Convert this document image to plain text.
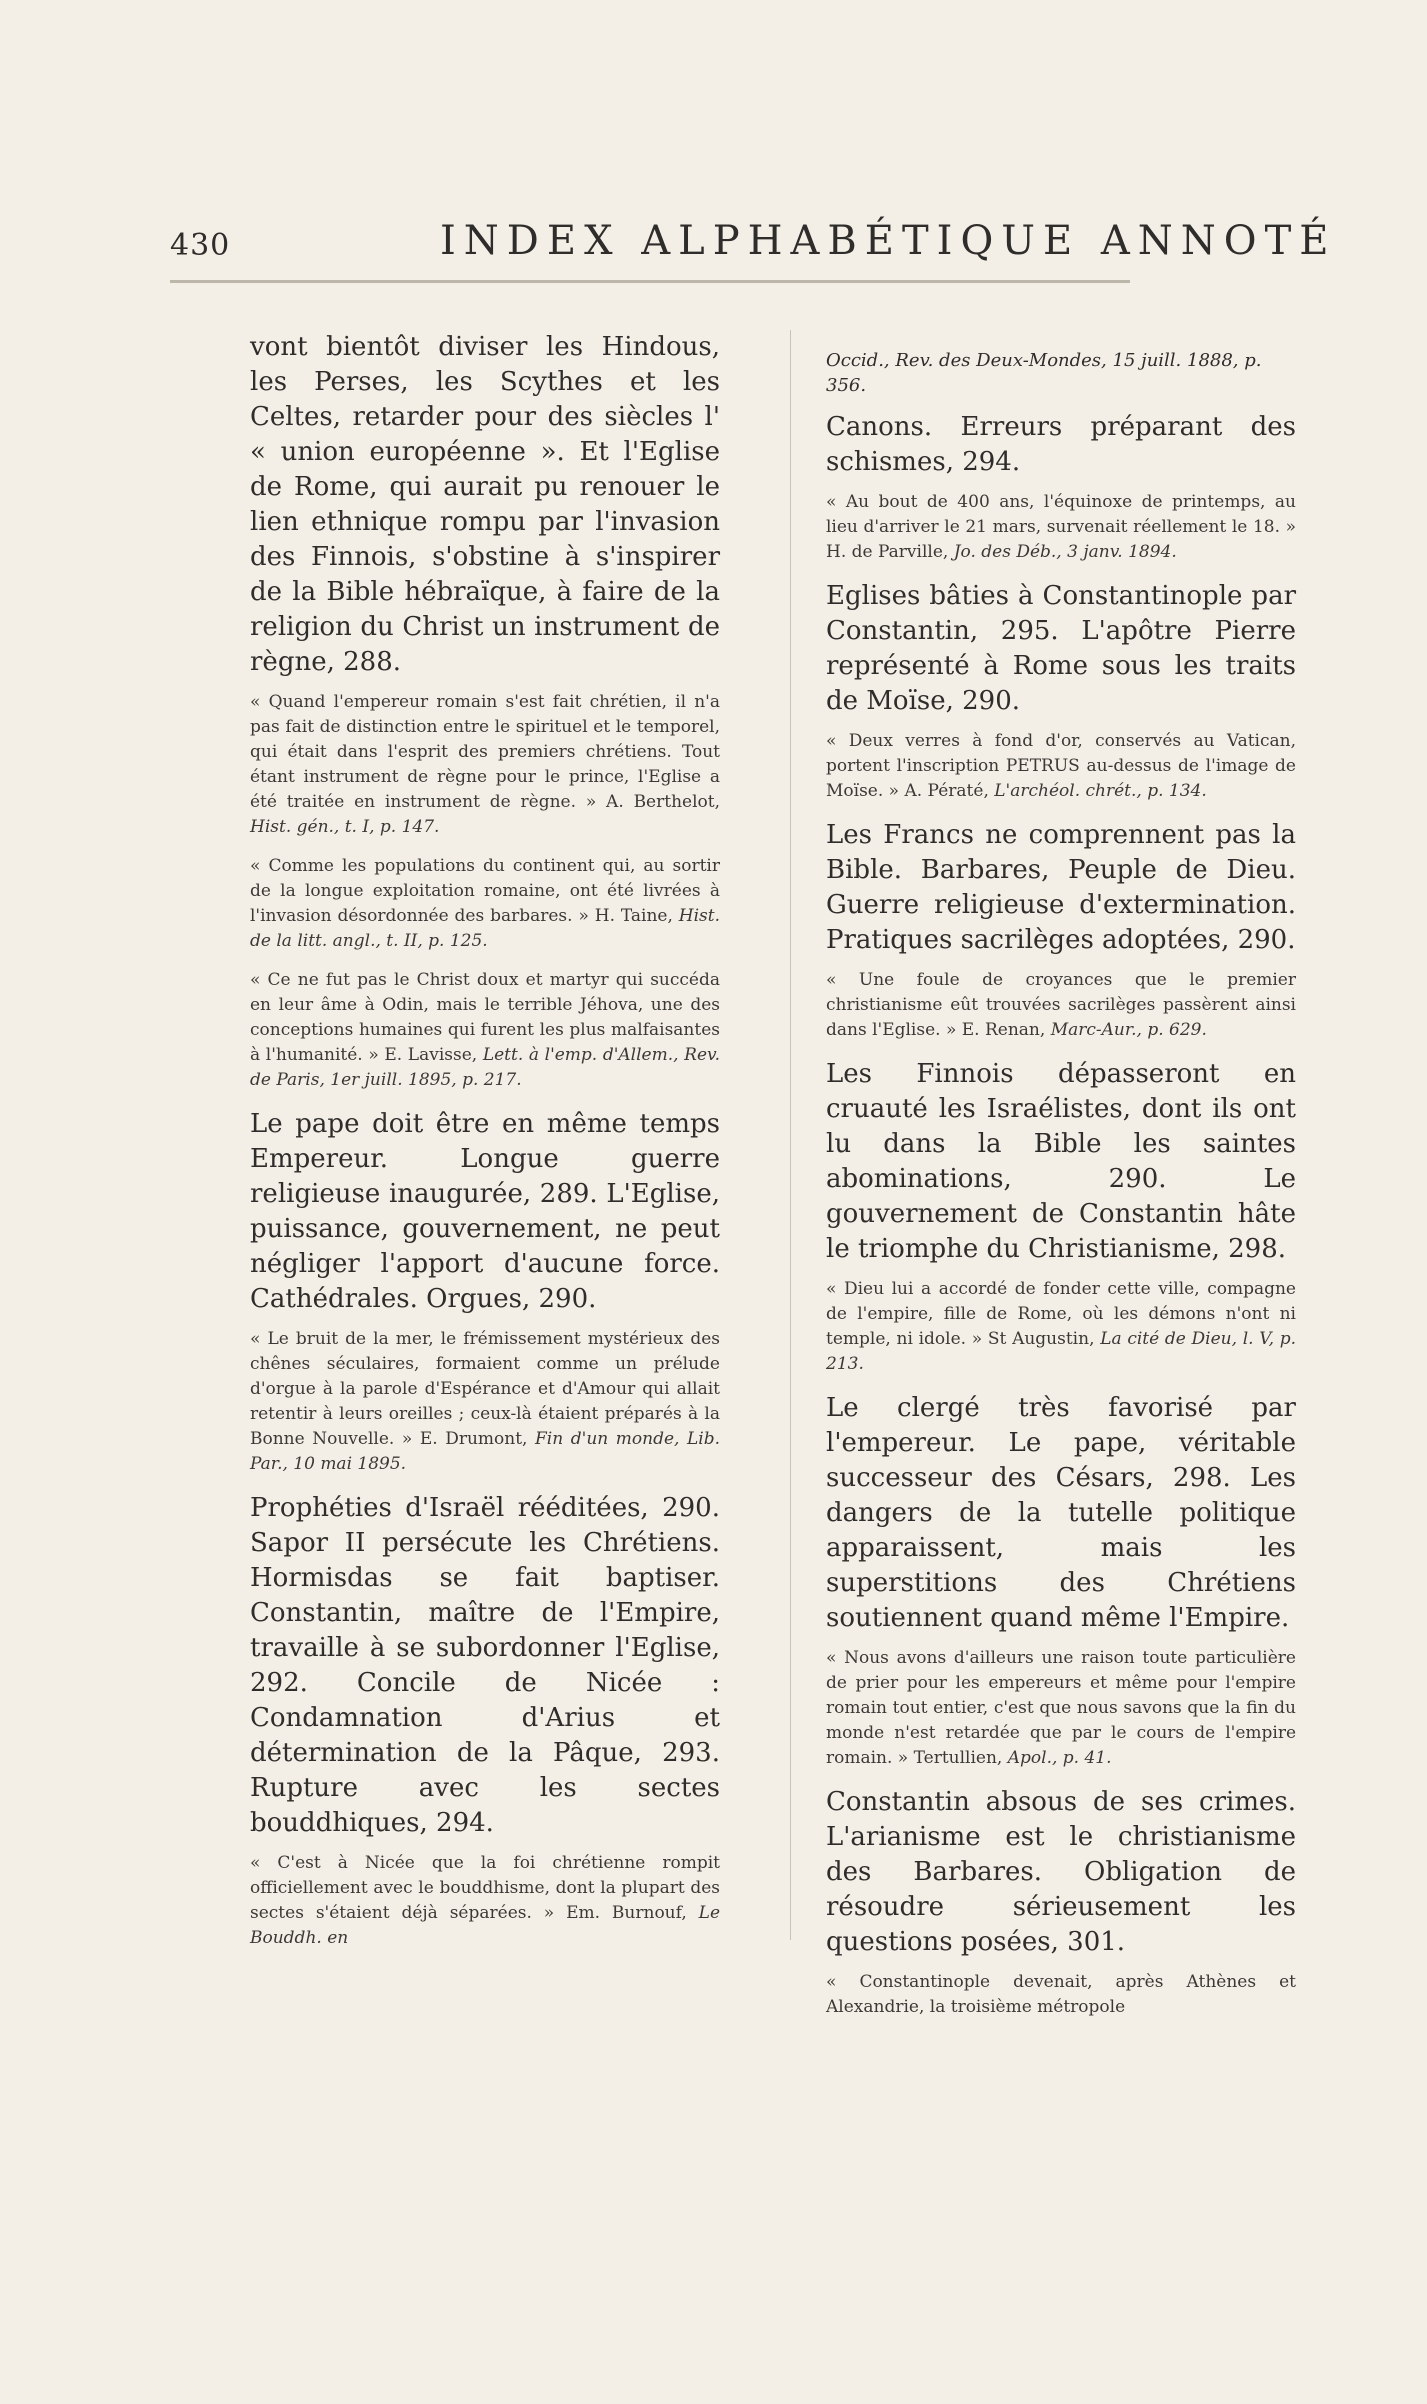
430	INDEX ALPHABÉTIQUE ANNOTÉ

vont bientôt diviser les Hindous, les Perses, les Scythes et les Celtes, retarder pour des siècles l' « union européenne ». Et l'Eglise de Rome, qui aurait pu renouer le lien ethnique rompu par l'invasion des Finnois, s'obstine à s'inspirer de la Bible hébraïque, à faire de la religion du Christ un instrument de règne, 288.

« Quand l'empereur romain s'est fait chrétien, il n'a pas fait de distinction entre le spirituel et le temporel, qui était dans l'esprit des premiers chrétiens. Tout étant instrument de règne pour le prince, l'Eglise a été traitée en instrument de règne. » A. Berthelot, Hist. gén., t. I, p. 147.

« Comme les populations du continent qui, au sortir de la longue exploitation romaine, ont été livrées à l'invasion désordonnée des barbares. » H. Taine, Hist. de la litt. angl., t. II, p. 125.

« Ce ne fut pas le Christ doux et martyr qui succéda en leur âme à Odin, mais le terrible Jéhova, une des conceptions humaines qui furent les plus malfaisantes à l'humanité. » E. Lavisse, Lett. à l'emp. d'Allem., Rev. de Paris, 1er juill. 1895, p. 217.

Le pape doit être en même temps Empereur. Longue guerre religieuse inaugurée, 289. L'Eglise, puissance, gouvernement, ne peut négliger l'apport d'aucune force. Cathédrales. Orgues, 290.

« Le bruit de la mer, le frémissement mystérieux des chênes séculaires, formaient comme un prélude d'orgue à la parole d'Espérance et d'Amour qui allait retentir à leurs oreilles ; ceux-là étaient préparés à la Bonne Nouvelle. » E. Drumont, Fin d'un monde, Lib. Par., 10 mai 1895.

Prophéties d'Israël rééditées, 290. Sapor II persécute les Chrétiens. Hormisdas se fait baptiser. Constantin, maître de l'Empire, travaille à se subordonner l'Eglise, 292. Concile de Nicée : Condamnation d'Arius et détermination de la Pâque, 293. Rupture avec les sectes bouddhiques, 294.

« C'est à Nicée que la foi chrétienne rompit officiellement avec le bouddhisme, dont la plupart des sectes s'étaient déjà séparées. » Em. Burnouf, Le Bouddh. en

Occid., Rev. des Deux-Mondes, 15 juill. 1888, p. 356.

Canons. Erreurs préparant des schismes, 294.

« Au bout de 400 ans, l'équinoxe de printemps, au lieu d'arriver le 21 mars, survenait réellement le 18. » H. de Parville, Jo. des Déb., 3 janv. 1894.

Eglises bâties à Constantinople par Constantin, 295. L'apôtre Pierre représenté à Rome sous les traits de Moïse, 290.

« Deux verres à fond d'or, conservés au Vatican, portent l'inscription PETRUS au-dessus de l'image de Moïse. » A. Pératé, L'archéol. chrét., p. 134.

Les Francs ne comprennent pas la Bible. Barbares, Peuple de Dieu. Guerre religieuse d'extermination. Pratiques sacrilèges adoptées, 290.

« Une foule de croyances que le premier christianisme eût trouvées sacrilèges passèrent ainsi dans l'Eglise. » E. Renan, Marc-Aur., p. 629.

Les Finnois dépasseront en cruauté les Israélistes, dont ils ont lu dans la Bible les saintes abominations, 290. Le gouvernement de Constantin hâte le triomphe du Christianisme, 298.

« Dieu lui a accordé de fonder cette ville, compagne de l'empire, fille de Rome, où les démons n'ont ni temple, ni idole. » St Augustin, La cité de Dieu, l. V, p. 213.

Le clergé très favorisé par l'empereur. Le pape, véritable successeur des Césars, 298. Les dangers de la tutelle politique apparaissent, mais les superstitions des Chrétiens soutiennent quand même l'Empire.

« Nous avons d'ailleurs une raison toute particulière de prier pour les empereurs et même pour l'empire romain tout entier, c'est que nous savons que la fin du monde n'est retardée que par le cours de l'empire romain. » Tertullien, Apol., p. 41.

Constantin absous de ses crimes. L'arianisme est le christianisme des Barbares. Obligation de résoudre sérieusement les questions posées, 301.

« Constantinople devenait, après Athènes et Alexandrie, la troisième métropole
